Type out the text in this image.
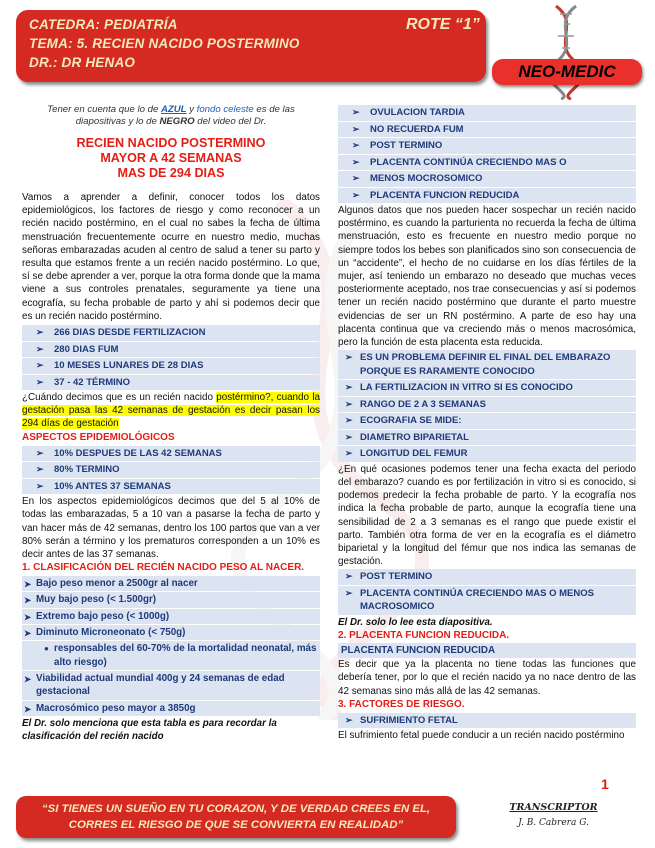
CATEDRA: PEDIATRÍA
TEMA: 5. RECIEN NACIDO POSTERMINO
DR.: DR HENAO
ROTE “1”
NEO-MEDIC
Tener en cuenta que lo de AZUL y fondo celeste es de las diapositivas y lo de NEGRO del video del Dr.
RECIEN NACIDO POSTERMINO
MAYOR A 42 SEMANAS
MAS DE 294 DIAS

Vamos a aprender a definir, conocer todos los datos epidemiológicos, los factores de riesgo y como reconocer a un recién nacido postérmino, en el cual no sabes la fecha de última menstruación frecuentemente ocurre en nuestro medio, muchas señoras embarazadas acuden al centro de salud a tener su parto y resulta que estamos frente a un recién nacido postérmino. Lo que, sí se debe aprender a ver, porque la otra forma donde que la mama viene a sus controles prenatales, seguramente ya tiene una ecografía, su fecha probable de parto y ahí si podemos decir que es un recién nacido postérmino.

➢ 266 DIAS DESDE FERTILIZACION
➢ 280 DIAS FUM
➢ 10 MESES LUNARES DE 28 DIAS
➢ 37 - 42 TÉRMINO

¿Cuándo decimos que es un recién nacido postérmino?, cuando la gestación pasa las 42 semanas de gestación es decir pasan los 294 días de gestación

ASPECTOS EPIDEMIOLÓGICOS
➢ 10% DESPUES DE LAS 42 SEMANAS
➢ 80% TERMINO
➢ 10% ANTES 37 SEMANAS

En los aspectos epidemiológicos decimos que del 5 al 10% de todas las embarazadas, 5 a 10 van a pasarse la fecha de parto y van hacer más de 42 semanas, dentro los 100 partos que van a ver 80% serán a término y los prematuros corresponden a un 10% es decir antes de las 37 semanas.

1. CLASIFICACIÓN DEL RECIÉN NACIDO PESO AL NACER.
➤ Bajo peso menor a 2500gr al nacer
➤ Muy bajo peso (< 1.500gr)
➤ Extremo bajo peso (< 1000g)
➤ Diminuto Microneonato (< 750g)
● responsables del 60-70% de la mortalidad neonatal, más alto riesgo)
➤ Viabilidad actual mundial 400g y 24 semanas de edad gestacional
➤ Macrosómico peso mayor a 3850g
El Dr. solo menciona que esta tabla es para recordar la clasificación del recién nacido
➢ OVULACION TARDIA
➢ NO RECUERDA FUM
➢ POST TERMINO
➢ PLACENTA CONTINÚA CRECIENDO MAS O
➢ MENOS MOCROSOMICO
➢ PLACENTA FUNCION REDUCIDA

Algunos datos que nos pueden hacer sospechar un recién nacido postérmino, es cuando la parturienta no recuerda la fecha de última menstruación, esto es frecuente en nuestro medio porque no siempre todos los bebes son planificados sino son consecuencia de un “accidente”, el hecho de no cuidarse en los días fértiles de la mujer, así teniendo un embarazo no deseado que muchas veces posteriormente aceptado, nos trae consecuencias y así si podemos tener un recién nacido postérmino que durante el parto muestre evidencias de ser un RN postérmino. A parte de eso hay una placenta continua que va creciendo más o menos macrosómica, pero la función de esta placenta esta reducida.

➢ ES UN PROBLEMA DEFINIR EL FINAL DEL EMBARAZO PORQUE ES RARAMENTE CONOCIDO
➢ LA FERTILIZACION IN VITRO SI ES CONOCIDO
➢ RANGO DE 2 A 3 SEMANAS
➢ ECOGRAFIA SE MIDE:
➢ DIAMETRO BIPARIETAL
➢ LONGITUD DEL FEMUR

¿En qué ocasiones podemos tener una fecha exacta del periodo del embarazo? cuando es por fertilización in vitro si es conocido, si podemos predecir la fecha probable de parto. Y la ecografía nos indica la fecha probable de parto, aunque la ecografía tiene una sensibilidad de 2 a 3 semanas es el rango que puede existir el parto. También otra forma de ver en la ecografía es el diámetro biparietal y la longitud del fémur que nos indica las semanas de gestación.

➢ POST TERMINO
➢ PLACENTA CONTINÚA CRECIENDO MAS O MENOS MACROSOMICO
El Dr. solo lo lee esta diapositiva.
2. PLACENTA FUNCION REDUCIDA.
PLACENTA FUNCION REDUCIDA

Es decir que ya la placenta no tiene todas las funciones que debería tener, por lo que el recién nacido ya no nace dentro de las 42 semanas sino más allá de las 42 semanas.

3. FACTORES DE RIESGO.
➢ SUFRIMIENTO FETAL

El sufrimiento fetal puede conducir a un recién nacido postérmino

1
“SI TIENES UN SUEÑO EN TU CORAZON, Y DE VERDAD CREES EN EL,
CORRES EL RIESGO DE QUE SE CONVIERTA EN REALIDAD”
TRANSCRIPTOR
J. B. Cabrera G.
